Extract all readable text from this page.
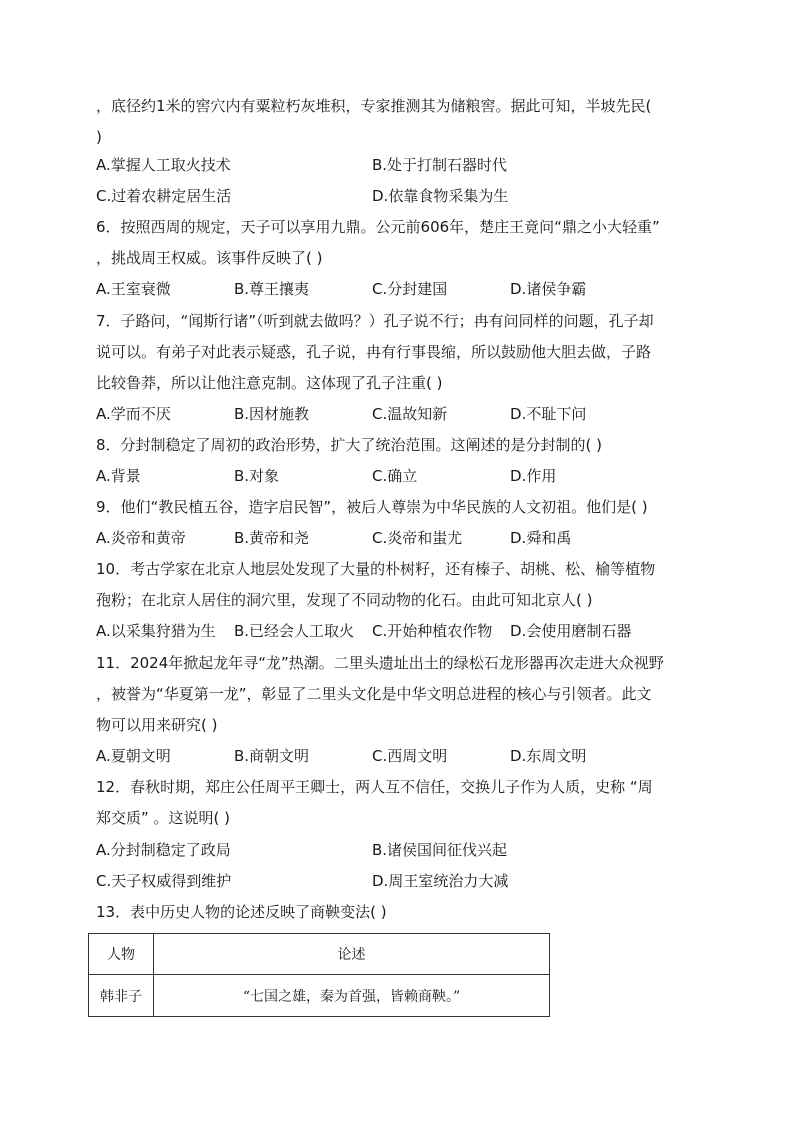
，底径约1米的窖穴内有粟粒朽灰堆积，专家推测其为储粮窖。据此可知，半坡先民(
)
A.掌握人工取火技术	B.处于打制石器时代
C.过着农耕定居生活	D.依靠食物采集为生
6．按照西周的规定，天子可以享用九鼎。公元前606年，楚庄王竟问“鼎之小大轻重”
，挑战周王权威。该事件反映了( )
A.王室衰微	B.尊王攘夷	C.分封建国	D.诸侯争霸
7．子路问，“闻斯行诸”（听到就去做吗？）孔子说不行；冉有问同样的问题，孔子却
说可以。有弟子对此表示疑惑，孔子说，冉有行事畏缩，所以鼓励他大胆去做，子路
比较鲁莽，所以让他注意克制。这体现了孔子注重( )
A.学而不厌	B.因材施教	C.温故知新	D.不耻下问
8．分封制稳定了周初的政治形势，扩大了统治范围。这阐述的是分封制的( )
A.背景	B.对象	C.确立	D.作用
9．他们“教民植五谷，造字启民智”，被后人尊崇为中华民族的人文初祖。他们是( )
A.炎帝和黄帝	B.黄帝和尧	C.炎帝和蚩尤	D.舜和禹
10．考古学家在北京人地层处发现了大量的朴树籽，还有榛子、胡桃、松、榆等植物
孢粉；在北京人居住的洞穴里，发现了不同动物的化石。由此可知北京人( )
A.以采集狩猎为生 B.已经会人工取火 C.开始种植农作物 D.会使用磨制石器
11．2024年掀起龙年寻“龙”热潮。二里头遗址出土的绿松石龙形器再次走进大众视野
，被誉为“华夏第一龙”，彰显了二里头文化是中华文明总进程的核心与引领者。此文
物可以用来研究( )
A.夏朝文明	B.商朝文明	C.西周文明	D.东周文明
12．春秋时期，郑庄公任周平王卿士，两人互不信任，交换儿子作为人质，史称 “周
郑交质” 。这说明( )
A.分封制稳定了政局	B.诸侯国间征伐兴起
C.天子权威得到维护	D.周王室统治力大减
13．表中历史人物的论述反映了商鞅变法( )
人物	论述
韩非子	“七国之雄，秦为首强，皆赖商鞅。”
